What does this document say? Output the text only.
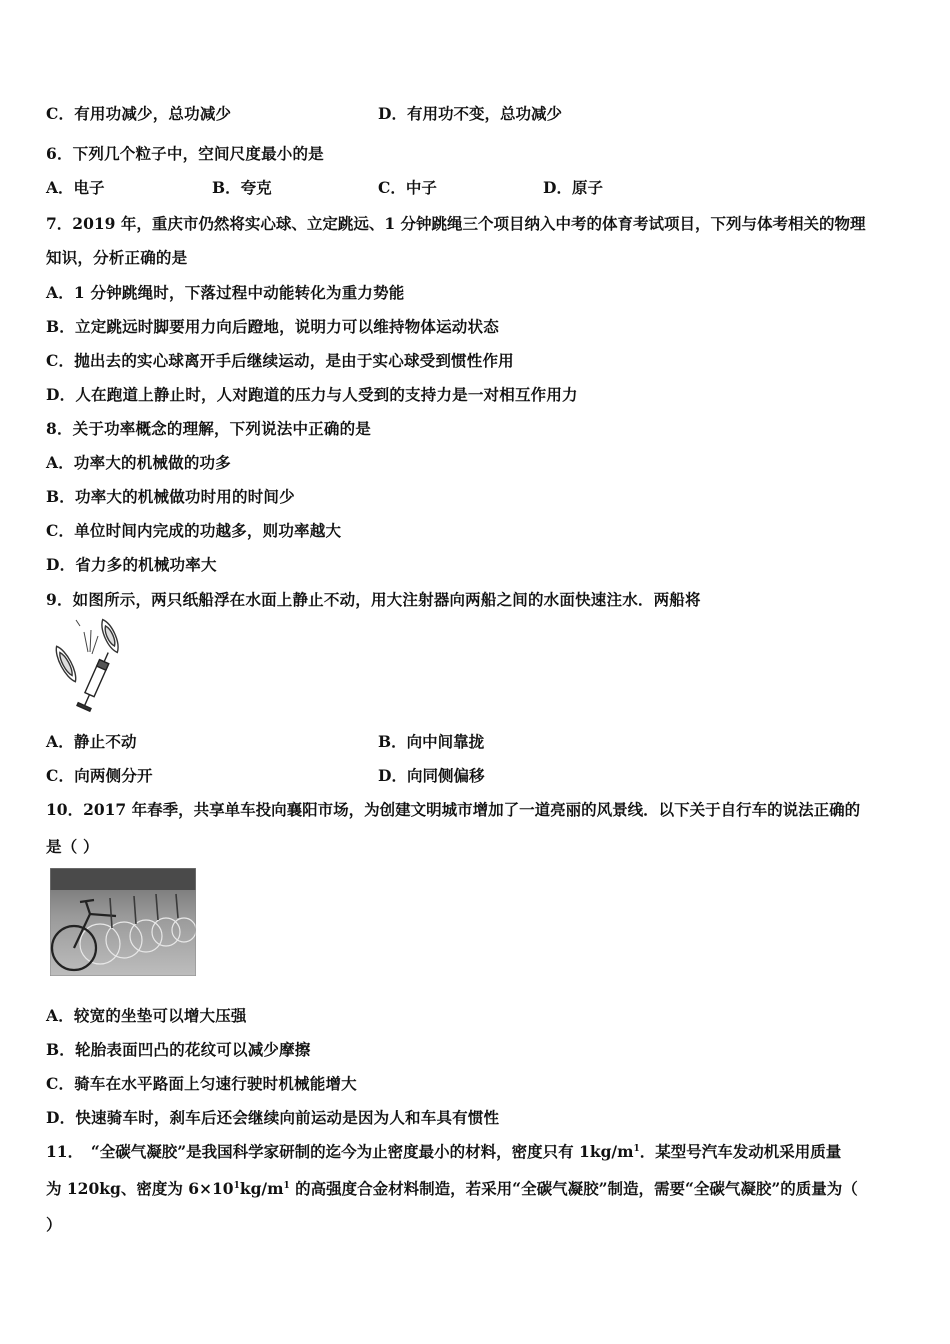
C．有用功减少，总功减少	D．有用功不变，总功减少
6．下列几个粒子中，空间尺度最小的是
A．电子	B．夸克	C．中子	D．原子
7．2019 年，重庆市仍然将实心球、立定跳远、1 分钟跳绳三个项目纳入中考的体育考试项目，下列与体考相关的物理
知识，分析正确的是
A．1 分钟跳绳时，下落过程中动能转化为重力势能
B．立定跳远时脚要用力向后蹬地，说明力可以维持物体运动状态
C．抛出去的实心球离开手后继续运动，是由于实心球受到惯性作用
D．人在跑道上静止时，人对跑道的压力与人受到的支持力是一对相互作用力
8．关于功率概念的理解，下列说法中正确的是
A．功率大的机械做的功多
B．功率大的机械做功时用的时间少
C．单位时间内完成的功越多，则功率越大
D．省力多的机械功率大
9．如图所示，两只纸船浮在水面上静止不动，用大注射器向两船之间的水面快速注水．两船将
A．静止不动	B．向中间靠拢
C．向两侧分开	D．向同侧偏移
10．2017 年春季，共享单车投向襄阳市场，为创建文明城市增加了一道亮丽的风景线．以下关于自行车的说法正确的
是（ ）
A．较宽的坐垫可以增大压强
B．轮胎表面凹凸的花纹可以减少摩擦
C．骑车在水平路面上匀速行驶时机械能增大
D．快速骑车时，刹车后还会继续向前运动是因为人和车具有惯性
11．　“全碳气凝胶”是我国科学家研制的迄今为止密度最小的材料，密度只有 $1kg/m^1$．某型号汽车发动机采用质量
为 120kg、密度为 $6\times 10^1kg/m^1$ 的高强度合金材料制造，若采用“全碳气凝胶”制造，需要“全碳气凝胶”的质量为（
）
